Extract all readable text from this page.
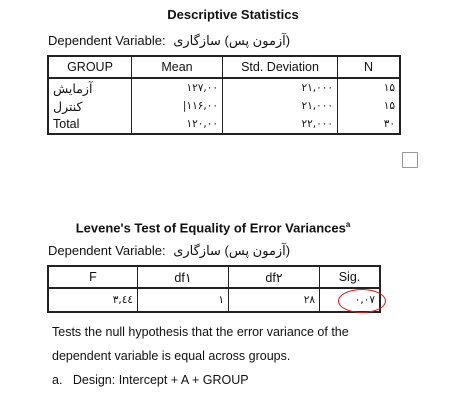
Descriptive Statistics
Dependent Variable: (آزمون پس) سازگاری
GROUP	Mean	Std. Deviation	N
آزمایش	۱۲۷,۰۰	۲۱,۰۰۰	۱۵
کنترل	|۱۱۶,۰۰	۲۱,۰۰۰	۱۵
Total	۱۲۰,۰۰	۲۲,۰۰۰	۳۰
Levene's Test of Equality of Error Variances$^a$
Dependent Variable: (آزمون پس) سازگاری
F	df۱	df۲	Sig.
۳,٤٤	۱	۲۸	۰,۰۷
Tests the null hypothesis that the error variance of the
dependent variable is equal across groups.
a.   Design: Intercept + A + GROUP
